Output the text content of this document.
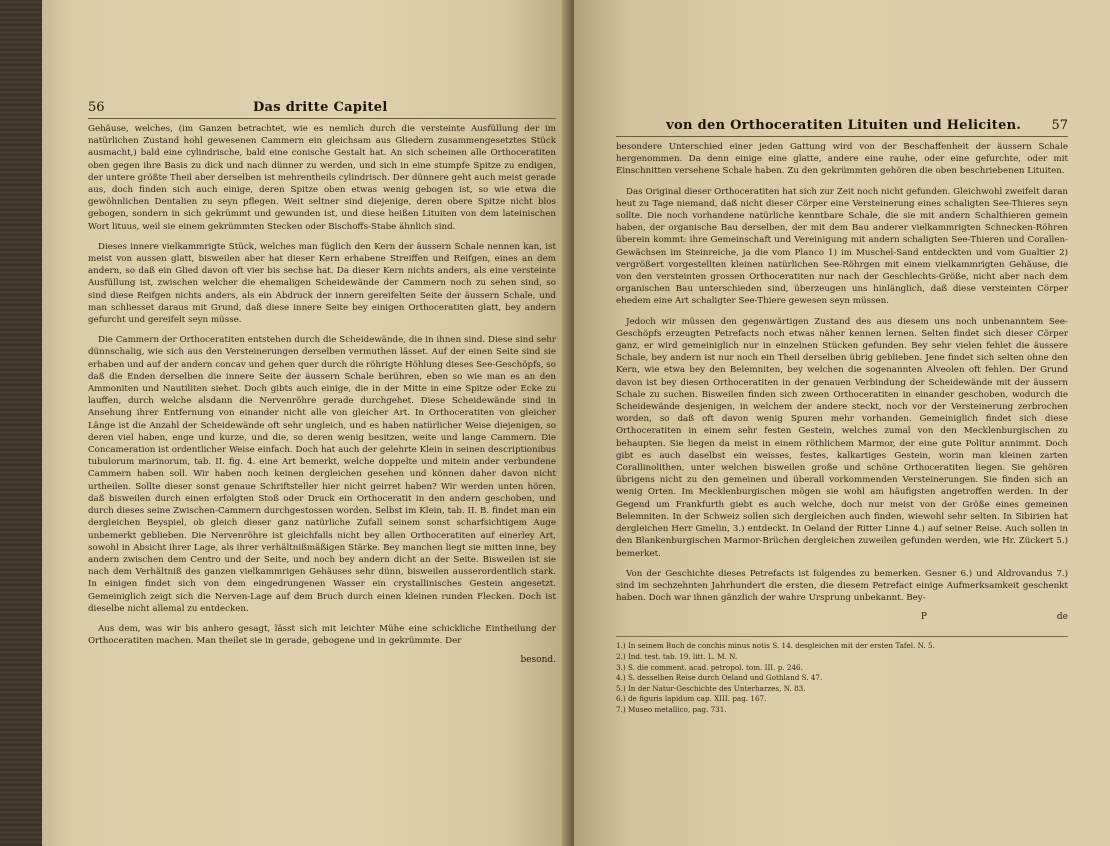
56	Das dritte Capitel

Gehäuse, welches, (im Ganzen betrachtet, wie es nemlich durch die versteinte Ausfüllung der im natürlichen Zustand hohl gewesenen Cammern ein gleichsam aus Gliedern zusammengesetztes Stück ausmacht,) bald eine cylindrische, bald eine conische Gestalt hat. An sich scheinen alle Orthoceratiten oben gegen ihre Basis zu dick und nach dünner zu werden, und sich in eine stumpfe Spitze zu endigen, der untere größte Theil aber derselben ist mehrentheils cylindrisch. Der dünnere geht auch meist gerade aus, doch finden sich auch einige, deren Spitze oben etwas wenig gebogen ist, so wie etwa die gewöhnlichen Dentalien zu seyn pflegen. Weit seltner sind diejenige, deren obere Spitze nicht blos gebogen, sondern in sich gekrümmt und gewunden ist, und diese heißen Lituiten von dem lateinischen Wort lituus, weil sie einem gekrümmten Stecken oder Bischoffs-Stabe ähnlich sind.

Dieses innere vielkammrigte Stück, welches man füglich den Kern der äussern Schale nennen kan, ist meist von aussen glatt, bisweilen aber hat dieser Kern erhabene Streiffen und Reifgen, eines an dem andern, so daß ein Glied davon oft vier bis sechse hat. Da dieser Kern nichts anders, als eine versteinte Ausfüllung ist, zwischen welcher die ehemaligen Scheidewände der Cammern noch zu sehen sind, so sind diese Reifgen nichts anders, als ein Abdruck der innern gereifelten Seite der äussern Schale, und man schliesset daraus mit Grund, daß diese innere Seite bey einigen Orthoceratiten glatt, bey andern gefurcht und gereifelt seyn müsse.

Die Cammern der Orthoceratiten entstehen durch die Scheidewände, die in ihnen sind. Diese sind sehr dünnschalig, wie sich aus den Versteinerungen derselben vermuthen lässet. Auf der einen Seite sind sie erhaben und auf der andern concav und gehen quer durch die röhrigte Höhlung dieses See-Geschöpfs, so daß die Enden derselben die innere Seite der äussern Schale berühren, eben so wie man es an den Ammoniten und Nautiliten siehet. Doch gibts auch einige, die in der Mitte in eine Spitze oder Ecke zu lauffen, durch welche alsdann die Nervenröhre gerade durchgehet. Diese Scheidewände sind in Ansehung ihrer Entfernung von einander nicht alle von gleicher Art. In Orthoceratiten von gleicher Länge ist die Anzahl der Scheidewände oft sehr ungleich, und es haben natürlicher Weise diejenigen, so deren viel haben, enge und kurze, und die, so deren wenig besitzen, weite und lange Cammern. Die Concameration ist ordentlicher Weise einfach. Doch hat auch der gelehrte Klein in seinen descriptionibus tubulorum marinorum, tab. II. fig. 4. eine Art bemerkt, welche doppelte und mitein ander verbundene Cammern haben soll. Wir haben noch keinen dergleichen gesehen und können daher davon nicht urtheilen. Sollte dieser sonst genaue Schriftsteller hier nicht geirret haben? Wir werden unten hören, daß bisweilen durch einen erfolgten Stoß oder Druck ein Orthoceratit in den andern geschoben, und durch dieses seine Zwischen-Cammern durchgestossen worden. Selbst im Klein, tab. II. B. findet man ein dergleichen Beyspiel, ob gleich dieser ganz natürliche Zufall seinem sonst scharfsichtigem Auge unbemerkt geblieben. Die Nervenröhre ist gleichfalls nicht bey allen Orthoceratiten auf einerley Art, sowohl in Absicht ihrer Lage, als ihrer verhältnißmäßigen Stärke. Bey manchen liegt sie mitten inne, bey andern zwischen dem Centro und der Seite, und noch bey andern dicht an der Seite. Bisweilen ist sie nach dem Verhältniß des ganzen vielkammrigen Gehäuses sehr dünn, bisweilen ausserordentlich stark. In einigen findet sich von dem eingedrungenen Wasser ein crystallinisches Gestein angesetzt. Gemeiniglich zeigt sich die Nerven-Lage auf dem Bruch durch einen kleinen runden Flecken. Doch ist dieselbe nicht allemal zu entdecken.

Aus dem, was wir bis anhero gesagt, lässt sich mit leichter Mühe eine schickliche Eintheilung der Orthoceratiten machen. Man theilet sie in gerade, gebogene und in gekrümmte. Der

besond.
von den Orthoceratiten Lituiten und Heliciten. 57

besondere Unterschied einer jeden Gattung wird von der Beschaffenheit der äussern Schale hergenommen. Da denn einige eine glatte, andere eine rauhe, oder eine gefurchte, oder mit Einschnitten versehene Schale haben. Zu den gekrümmten gehören die oben beschriebenen Lituiten.

Das Original dieser Orthoceratiten hat sich zur Zeit noch nicht gefunden. Gleichwohl zweifelt daran heut zu Tage niemand, daß nicht dieser Cörper eine Versteinerung eines schaligten See-Thieres seyn sollte. Die noch vorhandene natürliche kenntbare Schale, die sie mit andern Schalthieren gemein haben, der organische Bau derselben, der mit dem Bau anderer vielkammrigten Schnecken-Röhren überein kommt: ihre Gemeinschaft und Vereinigung mit andern schaligten See-Thieren und Corallen-Gewächsen im Steinreiche, ja die vom Planco 1) im Muschel-Sand entdeckten und vom Gualtier 2) vergrößert vorgestellten kleinen natürlichen See-Röhrgen mit einem vielkammrigten Gehäuse, die von den versteinten grossen Orthoceratiten nur nach der Geschlechts-Größe, nicht aber nach dem organischen Bau unterschieden sind, überzeugen uns hinlänglich, daß diese versteinten Cörper ehedem eine Art schaligter See-Thiere gewesen seyn müssen.

Jedoch wir müssen den gegenwärtigen Zustand des aus diesem uns noch unbenanntem See-Geschöpfs erzeugten Petrefacts noch etwas näher kennen lernen. Selten findet sich dieser Cörper ganz, er wird gemeiniglich nur in einzelnen Stücken gefunden. Bey sehr vielen fehlet die äussere Schale, bey andern ist nur noch ein Theil derselben übrig geblieben. Jene findet sich selten ohne den Kern, wie etwa bey den Belemniten, bey welchen die sogenannten Alveolen oft fehlen. Der Grund davon ist bey diesen Orthoceratiten in der genauen Verbindung der Scheidewände mit der äussern Schale zu suchen. Bisweilen finden sich zween Orthoceratiten in einander geschoben, wodurch die Scheidewände desjenigen, in welchem der andere steckt, noch vor der Versteinerung zerbrochen worden, so daß oft davon wenig Spuren mehr vorhanden. Gemeiniglich findet sich diese Orthoceratiten in einem sehr festen Gestein, welches zumal von den Mecklenburgischen zu behaupten. Sie liegen da meist in einem röthlichem Marmor, der eine gute Politur annimmt. Doch gibt es auch daselbst ein weisses, festes, kalkartiges Gestein, worin man kleinen zarten Corallinolithen, unter welchen bisweilen große und schöne Orthoceratiten liegen. Sie gehören übrigens nicht zu den gemeinen und überall vorkommenden Versteinerungen. Sie finden sich an wenig Orten. Im Mecklenburgischen mögen sie wohl am häufigsten angetroffen werden. In der Gegend um Frankfurth giebt es auch welche, doch nur meist von der Größe eines gemeinen Belemniten. In der Schweiz sollen sich dergleichen auch finden, wiewohl sehr selten. In Sibirien hat dergleichen Herr Gmelin, 3.) entdeckt. In Oeland der Ritter Linne 4.) auf seiner Reise. Auch sollen in den Blankenburgischen Marmor-Brüchen dergleichen zuweilen gefunden werden, wie Hr. Zückert 5.) bemerket.

Von der Geschichte dieses Petrefacts ist folgendes zu bemerken. Gesner 6.) und Aldrovandus 7.) sind im sechzehnten Jahrhundert die ersten, die diesem Petrefact einige Aufmerksamkeit geschenkt haben. Doch war ihnen gänzlich der wahre Ursprung unbekannt. Bey-

P	de
1.) In seinem Buch de conchis minus notis S. 14. desgleichen mit der ersten Tafel. N. 5.
2.) Ind. test. tab. 19. litt. L. M. N.
3.) S. die comment. acad. petropol. tom. III. p. 246.
4.) S. desselben Reise durch Oeland und Gothland S. 47.
5.) In der Natur-Geschichte des Unterharzes, N. 83.
6.) de figuris lapidum cap. XIII. pag. 167.
7.) Museo metallico, pag. 731.
